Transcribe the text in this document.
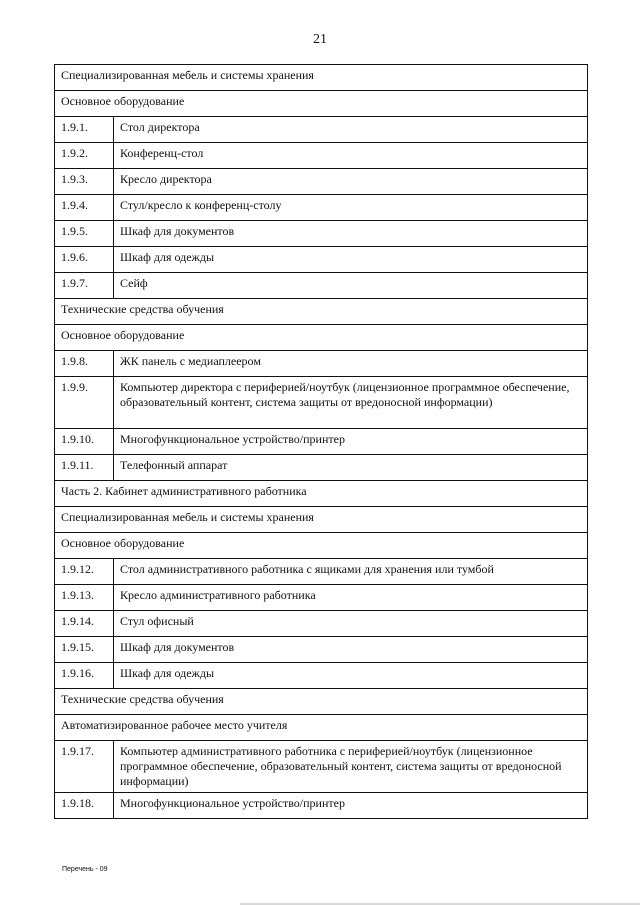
21
Специализированная мебель и системы хранения	
Основное оборудование	
1.9.1.	Стол директора
1.9.2.	Конференц-стол
1.9.3.	Кресло директора
1.9.4.	Стул/кресло к конференц-столу
1.9.5.	Шкаф для документов
1.9.6.	Шкаф для одежды
1.9.7.	Сейф
Технические средства обучения	
Основное оборудование	
1.9.8.	ЖК панель с медиаплеером
1.9.9.	Компьютер директора с периферией/ноутбук (лицензионное программное обеспечение, образовательный контент, система защиты от вредоносной информации)
1.9.10.	Многофункциональное устройство/принтер
1.9.11.	Телефонный аппарат
Часть 2. Кабинет административного работника	
Специализированная мебель и системы хранения	
Основное оборудование	
1.9.12.	Стол административного работника с ящиками для хранения или тумбой
1.9.13.	Кресло административного работника
1.9.14.	Стул офисный
1.9.15.	Шкаф для документов
1.9.16.	Шкаф для одежды
Технические средства обучения	
Автоматизированное рабочее место учителя	
1.9.17.	Компьютер административного работника с периферией/ноутбук (лицензионное программное обеспечение, образовательный контент, система защиты от вредоносной информации)
1.9.18.	Многофункциональное устройство/принтер
Перечень - 09
